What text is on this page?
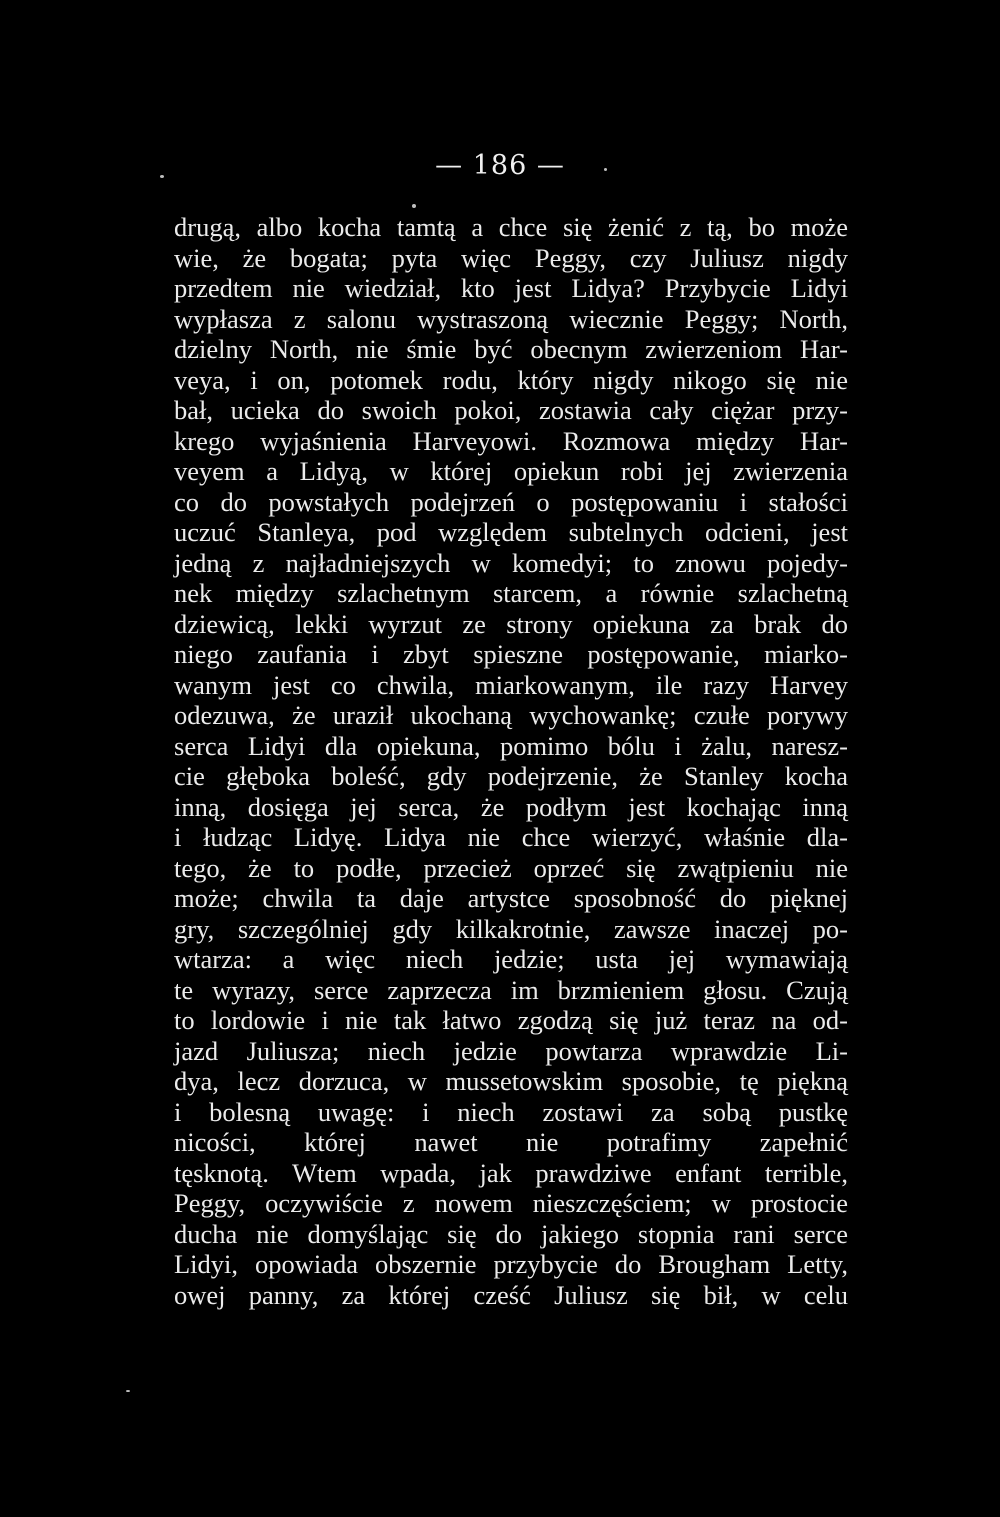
— 186 —
drugą, albo kocha tamtą a chce się żenić z tą, bo może
wie, że bogata; pyta więc Peggy, czy Juliusz nigdy
przedtem nie wiedział, kto jest Lidya? Przybycie Lidyi
wypłasza z salonu wystraszoną wiecznie Peggy; North,
dzielny North, nie śmie być obecnym zwierzeniom Har-
veya, i on, potomek rodu, który nigdy nikogo się nie
bał, ucieka do swoich pokoi, zostawia cały ciężar przy-
krego wyjaśnienia Harveyowi. Rozmowa między Har-
veyem a Lidyą, w której opiekun robi jej zwierzenia
co do powstałych podejrzeń o postępowaniu i stałości
uczuć Stanleya, pod względem subtelnych odcieni, jest
jedną z najładniejszych w komedyi; to znowu pojedy-
nek między szlachetnym starcem, a równie szlachetną
dziewicą, lekki wyrzut ze strony opiekuna za brak do
niego zaufania i zbyt spieszne postępowanie, miarko-
wanym jest co chwila, miarkowanym, ile razy Harvey
odezuwa, że uraził ukochaną wychowankę; czułe porywy
serca Lidyi dla opiekuna, pomimo bólu i żalu, naresz-
cie głęboka boleść, gdy podejrzenie, że Stanley kocha
inną, dosięga jej serca, że podłym jest kochając inną
i łudząc Lidyę. Lidya nie chce wierzyć, właśnie dla-
tego, że to podłe, przecież oprzeć się zwątpieniu nie
może; chwila ta daje artystce sposobność do pięknej
gry, szczególniej gdy kilkakrotnie, zawsze inaczej po-
wtarza: a więc niech jedzie; usta jej wymawiają
te wyrazy, serce zaprzecza im brzmieniem głosu. Czują
to lordowie i nie tak łatwo zgodzą się już teraz na od-
jazd Juliusza; niech jedzie powtarza wprawdzie Li-
dya, lecz dorzuca, w mussetowskim sposobie, tę piękną
i bolesną uwagę: i niech zostawi za sobą pustkę
nicości, której nawet nie potrafimy zapełnić
tęsknotą. Wtem wpada, jak prawdziwe enfant terrible,
Peggy, oczywiście z nowem nieszczęściem; w prostocie
ducha nie domyślając się do jakiego stopnia rani serce
Lidyi, opowiada obszernie przybycie do Brougham Letty,
owej panny, za której cześć Juliusz się bił, w celu
